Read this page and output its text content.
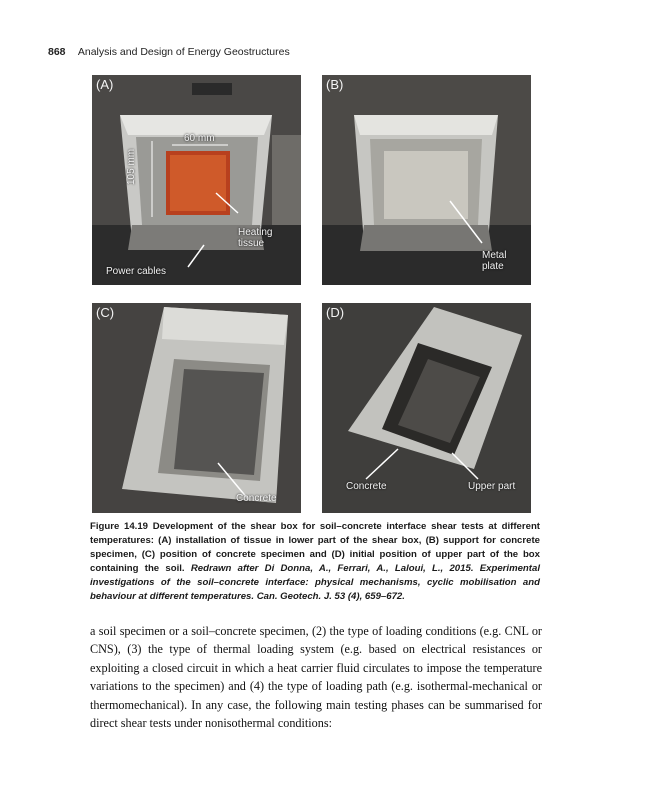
868 Analysis and Design of Energy Geostructures
(A)
60 mm
105 mm
Heating tissue
Power cables
(B)
Metal plate
(C)
Concrete
(D)
Concrete	Upper part
Figure 14.19 Development of the shear box for soil–concrete interface shear tests at different temperatures: (A) installation of tissue in lower part of the shear box, (B) support for concrete specimen, (C) position of concrete specimen and (D) initial position of upper part of the box containing the soil. Redrawn after Di Donna, A., Ferrari, A., Laloui, L., 2015. Experimental investigations of the soil–concrete interface: physical mechanisms, cyclic mobilisation and behaviour at different temperatures. Can. Geotech. J. 53 (4), 659–672.
a soil specimen or a soil–concrete specimen, (2) the type of loading conditions (e.g. CNL or CNS), (3) the type of thermal loading system (e.g. based on electrical resistances or exploiting a closed circuit in which a heat carrier fluid circulates to impose the temperature variations to the specimen) and (4) the type of loading path (e.g. isothermal-mechanical or thermomechanical). In any case, the following main testing phases can be summarised for direct shear tests under nonisothermal conditions:
